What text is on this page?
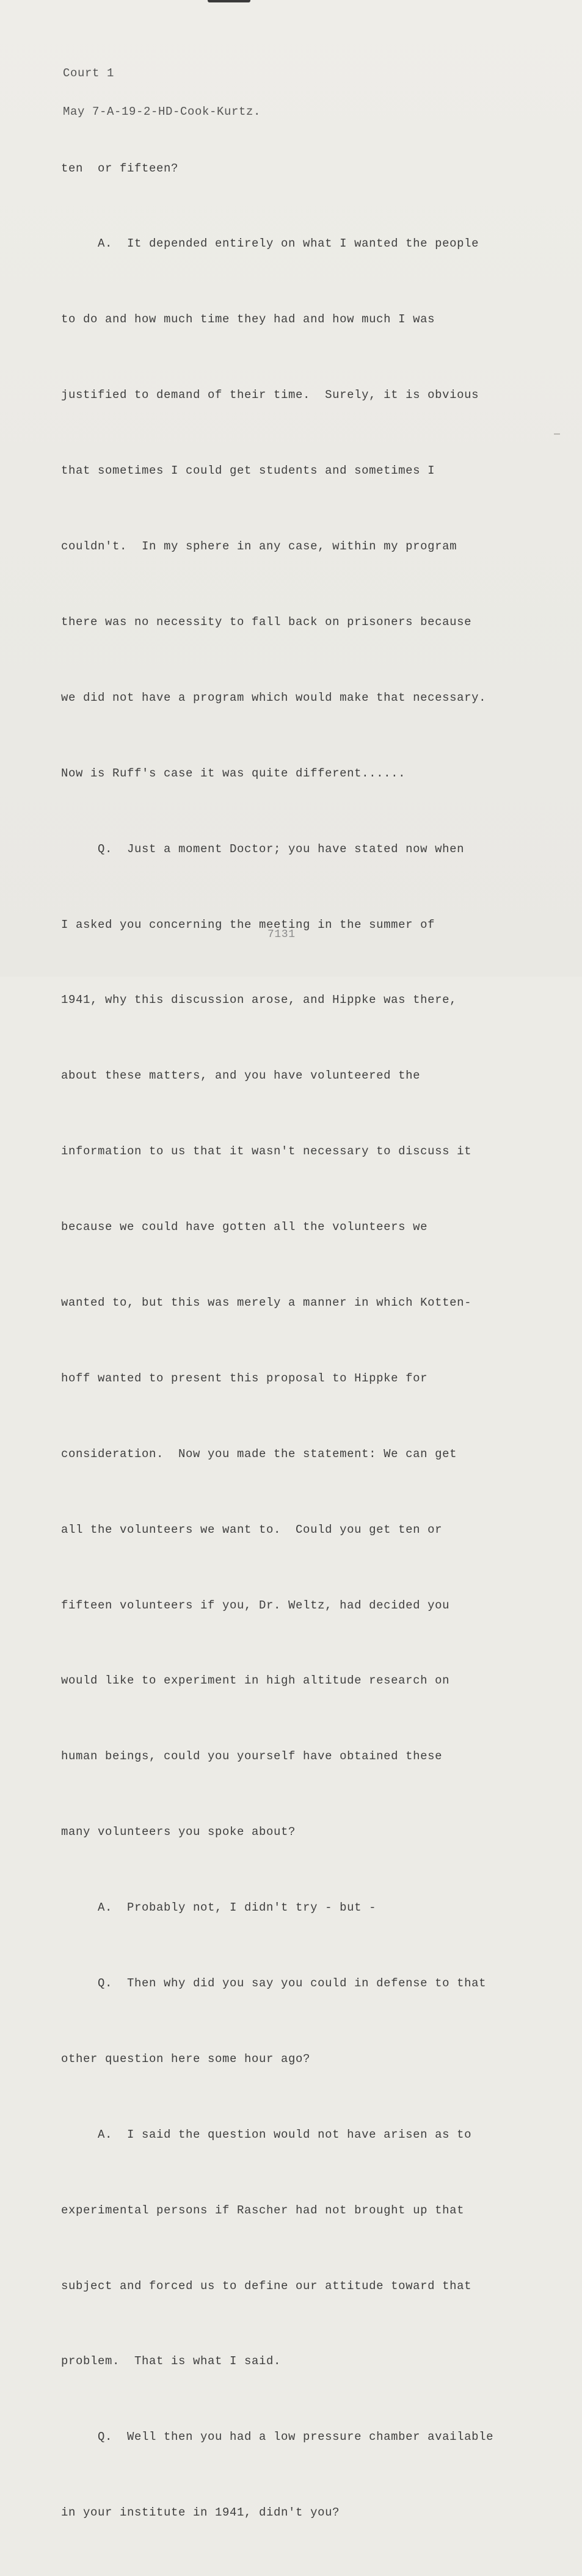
Court 1

May 7-A-19-2-HD-Cook-Kurtz.

ten  or fifteen?

A.  It depended entirely on what I wanted the people

to do and how much time they had and how much I was

justified to demand of their time.  Surely, it is obvious

that sometimes I could get students and sometimes I

couldn't.  In my sphere in any case, within my program

there was no necessity to fall back on prisoners because

we did not have a program which would make that necessary.

Now is Ruff's case it was quite different......

Q.  Just a moment Doctor; you have stated now when

I asked you concerning the meeting in the summer of

1941, why this discussion arose, and Hippke was there,

about these matters, and you have volunteered the

information to us that it wasn't necessary to discuss it

because we could have gotten all the volunteers we

wanted to, but this was merely a manner in which Kotten-

hoff wanted to present this proposal to Hippke for

consideration.  Now you made the statement: We can get

all the volunteers we want to.  Could you get ten or

fifteen volunteers if you, Dr. Weltz, had decided you

would like to experiment in high altitude research on

human beings, could you yourself have obtained these

many volunteers you spoke about?

A.  Probably not, I didn't try - but -

Q.  Then why did you say you could in defense to that

other question here some hour ago?

A.  I said the question would not have arisen as to

experimental persons if Rascher had not brought up that

subject and forced us to define our attitude toward that

problem.  That is what I said.

Q.  Well then you had a low pressure chamber available

in your institute in 1941, didn't you?

7131
